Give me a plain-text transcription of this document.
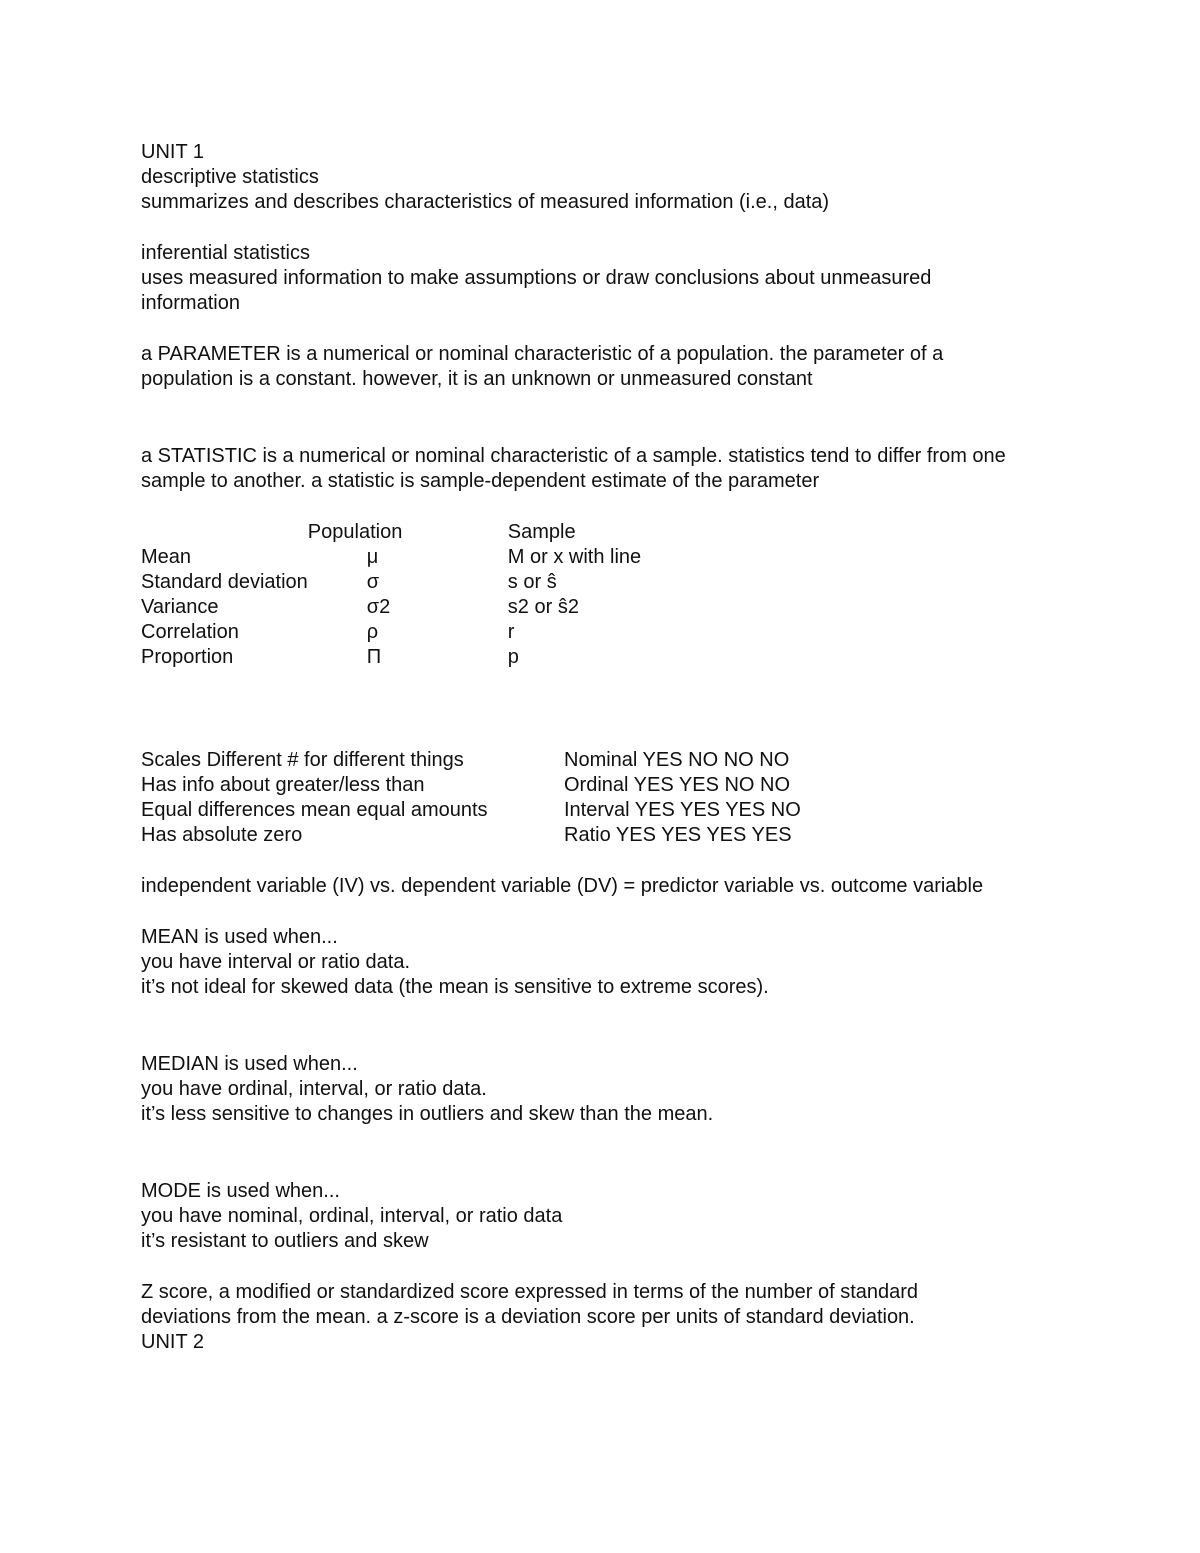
UNIT 1
descriptive statistics
summarizes and describes characteristics of measured information (i.e., data)
inferential statistics
uses measured information to make assumptions or draw conclusions about unmeasured information
a PARAMETER is a numerical or nominal characteristic of a population. the parameter of a population is a constant. however, it is an unknown or unmeasured constant
a STATISTIC is a numerical or nominal characteristic of a sample. statistics tend to differ from one sample to another. a statistic is sample-dependent estimate of the parameter
	Population	Sample
Mean	μ	M or x with line
Standard deviation	σ	s or ŝ
Variance	σ2	s2 or ŝ2
Correlation	ρ	r
Proportion	Π	p
Scales Different # for different things	Nominal YES NO NO NO
Has info about greater/less than	Ordinal YES YES NO NO
Equal differences mean equal amounts	Interval YES YES YES NO
Has absolute zero	Ratio YES YES YES YES
independent variable (IV) vs. dependent variable (DV) = predictor variable vs. outcome variable
MEAN is used when...
you have interval or ratio data.
it’s not ideal for skewed data (the mean is sensitive to extreme scores).
MEDIAN is used when...
you have ordinal, interval, or ratio data.
it’s less sensitive to changes in outliers and skew than the mean.
MODE is used when...
you have nominal, ordinal, interval, or ratio data
it’s resistant to outliers and skew
Z score, a modified or standardized score expressed in terms of the number of standard deviations from the mean. a z-score is a deviation score per units of standard deviation.
UNIT 2
